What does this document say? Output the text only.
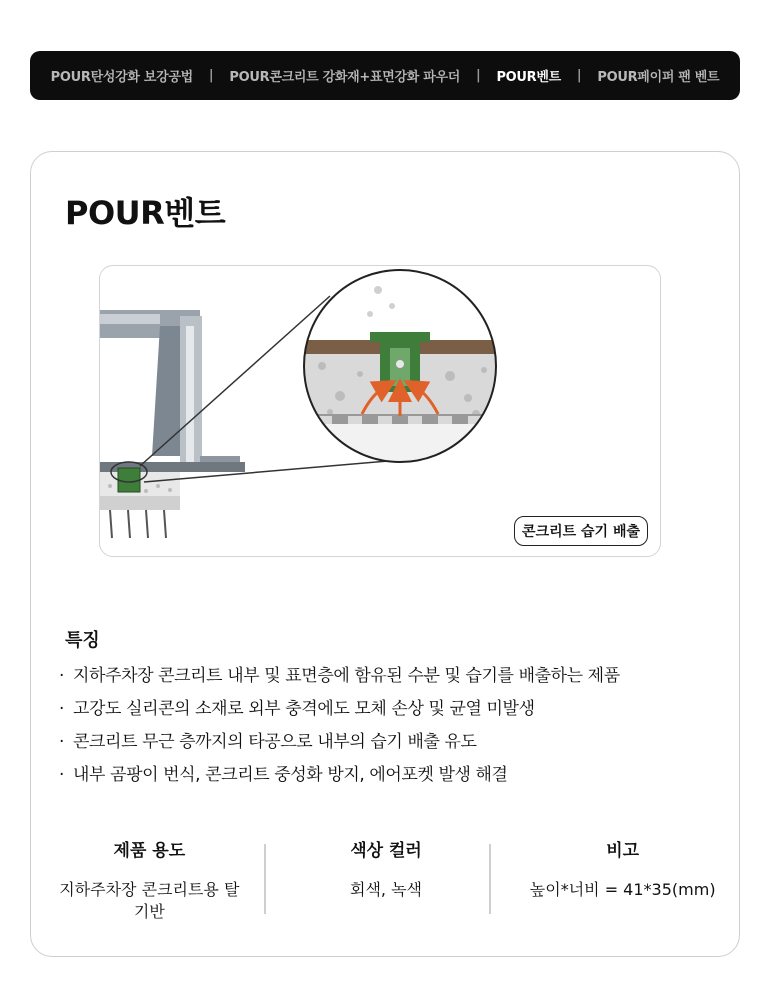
POUR탄성강화 보강공법 | POUR콘크리트 강화재+표면강화 파우더 | POUR벤트 | POUR페이퍼 팬 벤트
POUR벤트
콘크리트 습기 배출
특징
· 지하주차장 콘크리트 내부 및 표면층에 함유된 수분 및 습기를 배출하는 제품
· 고강도 실리콘의 소재로 외부 충격에도 모체 손상 및 균열 미발생
· 콘크리트 무근 층까지의 타공으로 내부의 습기 배출 유도
· 내부 곰팡이 번식, 콘크리트 중성화 방지, 에어포켓 발생 해결
제품 용도
지하주차장 콘크리트용 탈기반
색상 컬러
회색, 녹색
비고
높이*너비 = 41*35(mm)
